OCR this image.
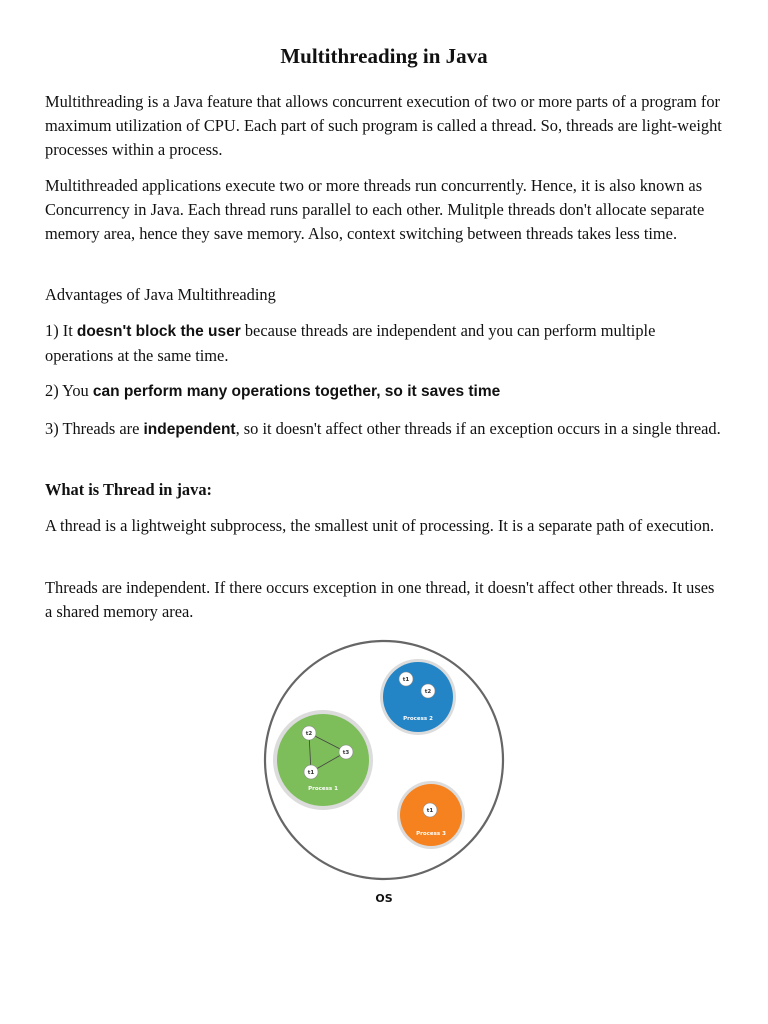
Multithreading in Java

Multithreading is a Java feature that allows concurrent execution of two or more parts of a program for maximum utilization of CPU. Each part of such program is called a thread. So, threads are light-weight processes within a process.

Multithreaded applications execute two or more threads run concurrently. Hence, it is also known as Concurrency in Java. Each thread runs parallel to each other. Mulitple threads don't allocate separate memory area, hence they save memory. Also, context switching between threads takes less time.

Advantages of Java Multithreading

1) It doesn't block the user because threads are independent and you can perform multiple operations at the same time.

2) You can perform many operations together, so it saves time

3) Threads are independent, so it doesn't affect other threads if an exception occurs in a single thread.

What is Thread in java:

A thread is a lightweight subprocess, the smallest unit of processing. It is a separate path of execution.

Threads are independent. If there occurs exception in one thread, it doesn't affect other threads. It uses a shared memory area.

t1
t2
Process 2
t2
t3
t1
Process 1
t1
Process 3
OS
